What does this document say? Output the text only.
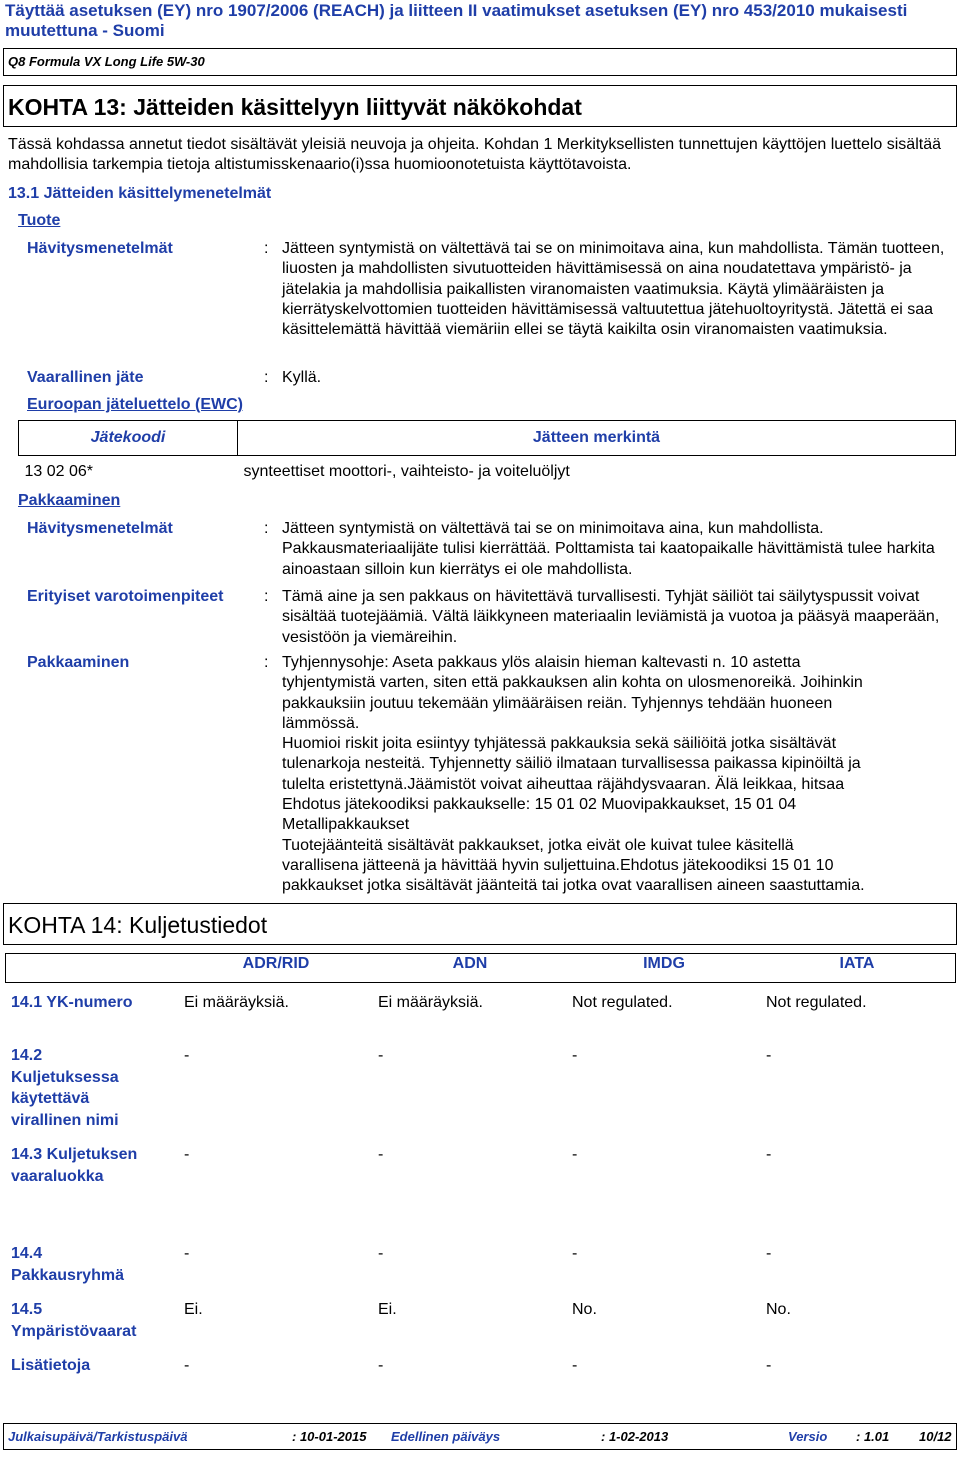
Täyttää asetuksen (EY) nro 1907/2006 (REACH) ja liitteen II vaatimukset asetuksen (EY) nro 453/2010 mukaisesti muutettuna - Suomi
Q8 Formula VX Long Life 5W-30
KOHTA 13: Jätteiden käsittelyyn liittyvät näkökohdat
Tässä kohdassa annetut tiedot sisältävät yleisiä neuvoja ja ohjeita. Kohdan 1 Merkityksellisten tunnettujen käyttöjen luettelo sisältää mahdollisia tarkempia tietoja altistumisskenaario(i)ssa huomioonotetuista käyttötavoista.
13.1 Jätteiden käsittelymenetelmät
Tuote
Hävitysmenetelmät	: Jätteen syntymistä on vältettävä tai se on minimoitava aina, kun mahdollista. Tämän tuotteen, liuosten ja mahdollisten sivutuotteiden hävittämisessä on aina noudatettava ympäristö- ja jätelakia ja mahdollisia paikallisten viranomaisten vaatimuksia. Käytä ylimääräisten ja kierrätyskelvottomien tuotteiden hävittämisessä valtuutettua jätehuoltoyritystä. Jätettä ei saa käsittelemättä hävittää viemäriin ellei se täytä kaikilta osin viranomaisten vaatimuksia.
Vaarallinen jäte	: Kyllä.
Euroopan jäteluettelo (EWC)
Jätekoodi	Jätteen merkintä
13 02 06*	synteettiset moottori-, vaihteisto- ja voiteluöljyt
Pakkaaminen
Hävitysmenetelmät	: Jätteen syntymistä on vältettävä tai se on minimoitava aina, kun mahdollista. Pakkausmateriaalijäte tulisi kierrättää. Polttamista tai kaatopaikalle hävittämistä tulee harkita ainoastaan silloin kun kierrätys ei ole mahdollista.
Erityiset varotoimenpiteet	: Tämä aine ja sen pakkaus on hävitettävä turvallisesti. Tyhjät säiliöt tai säilytyspussit voivat sisältää tuotejäämiä. Vältä läikkyneen materiaalin leviämistä ja vuotoa ja pääsyä maaperään, vesistöön ja viemäreihin.
Pakkaaminen	: Tyhjennysohje: Aseta pakkaus ylös alaisin hieman kaltevasti n. 10 astetta
tyhjentymistä varten, siten että pakkauksen alin kohta on ulosmenoreikä. Joihinkin
pakkauksiin joutuu tekemään ylimääräisen reiän. Tyhjennys tehdään huoneen
lämmössä.
Huomioi riskit joita esiintyy tyhjätessä pakkauksia sekä säiliöitä jotka sisältävät
tulenarkoja nesteitä. Tyhjennetty säiliö ilmataan turvallisessa paikassa kipinöiltä ja
tulelta eristettynä.Jäämistöt voivat aiheuttaa räjähdysvaaran. Älä leikkaa, hitsaa
Ehdotus jätekoodiksi pakkaukselle: 15 01 02 Muovipakkaukset, 15 01 04
Metallipakkaukset
Tuotejäänteitä sisältävät pakkaukset, jotka eivät ole kuivat tulee käsitellä
varallisena jätteenä ja hävittää hyvin suljettuina.Ehdotus jätekoodiksi 15 01 10
pakkaukset jotka sisältävät jäänteitä tai jotka ovat vaarallisen aineen saastuttamia.
KOHTA 14: Kuljetustiedot
ADR/RID	ADN	IMDG	IATA
14.1 YK-numero	Ei määräyksiä.	Ei määräyksiä.	Not regulated.	Not regulated.
14.2 Kuljetuksessa käytettävä virallinen nimi
-	-	-	-
14.3 Kuljetuksen vaaraluokka
-	-	-	-
14.4 Pakkausryhmä
-	-	-	-
14.5 Ympäristövaarat
Ei.	Ei.	No.	No.
Lisätietoja	-	-	-	-
Julkaisupäivä/Tarkistuspäivä	: 10-01-2015 Edellinen päiväys	: 1-02-2013	Versio : 1.01 10/12
